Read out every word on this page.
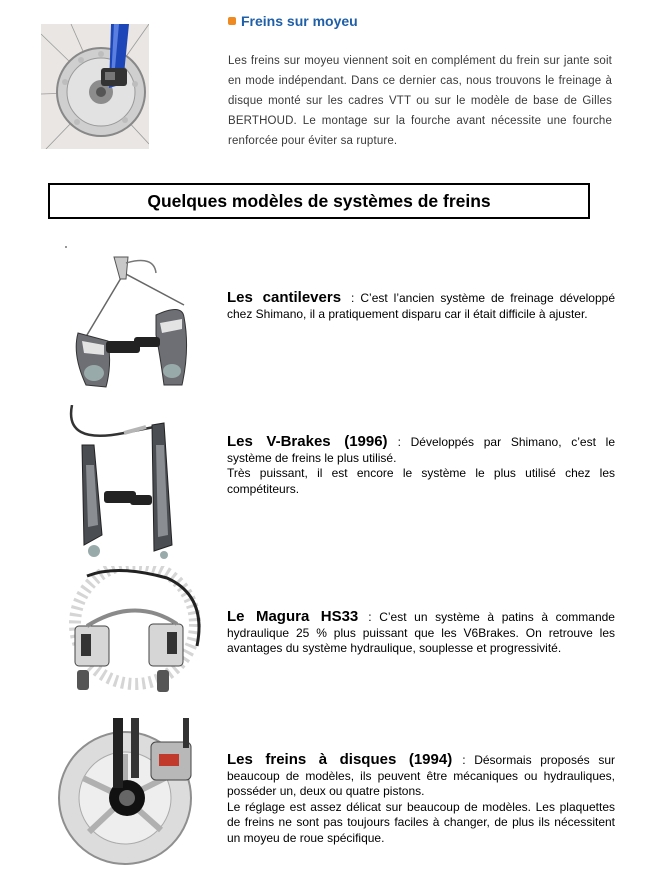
Freins sur moyeu
Les freins sur moyeu viennent soit en complément du frein sur jante soit en mode indépendant. Dans ce dernier cas, nous trouvons le freinage à disque monté sur les cadres VTT ou sur le modèle de base de Gilles BERTHOUD. Le montage sur la fourche avant nécessite une fourche renforcée pour éviter sa rupture.
Quelques modèles de systèmes de freins
Les cantilevers : C’est l’ancien système de freinage développé chez Shimano, il a pratiquement disparu car il était difficile à ajuster.
Les V-Brakes (1996) : Développés par Shimano, c’est le système de freins le plus utilisé.
Très puissant, il est encore le système le plus utilisé chez les compétiteurs.
Le Magura HS33 : C’est un système à patins à commande hydraulique 25 % plus puissant que les V6Brakes. On retrouve les avantages du système hydraulique, souplesse et progressivité.
Les freins à disques (1994) : Désormais proposés sur beaucoup de modèles, ils peuvent être mécaniques ou hydrauliques, posséder un, deux ou quatre pistons.
Le réglage est assez délicat sur beaucoup de modèles. Les plaquettes de freins ne sont pas toujours faciles à changer, de plus ils nécessitent un moyeu de roue spécifique.
